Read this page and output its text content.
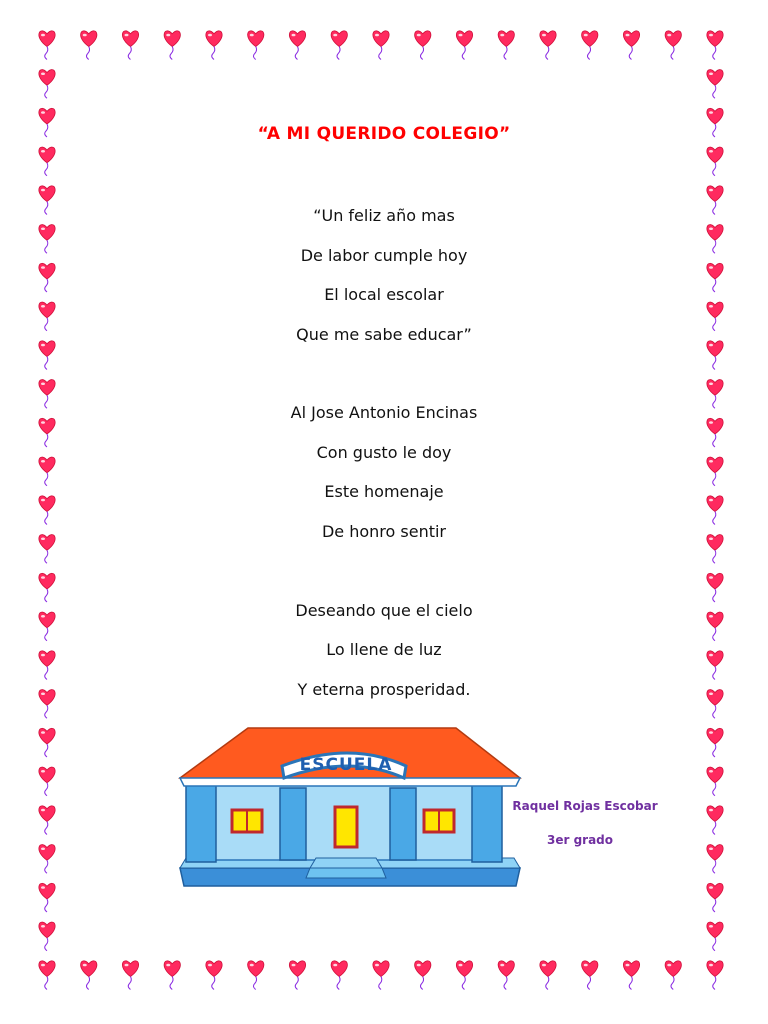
“A MI QUERIDO COLEGIO”
“Un feliz año mas
De labor cumple hoy
El local escolar
Que me sabe educar”
Al Jose Antonio Encinas
Con gusto le doy
Este homenaje
De honro sentir
Deseando que el cielo
Lo llene de luz
Y eterna prosperidad.
ESCUELA
Raquel Rojas Escobar
3er grado
